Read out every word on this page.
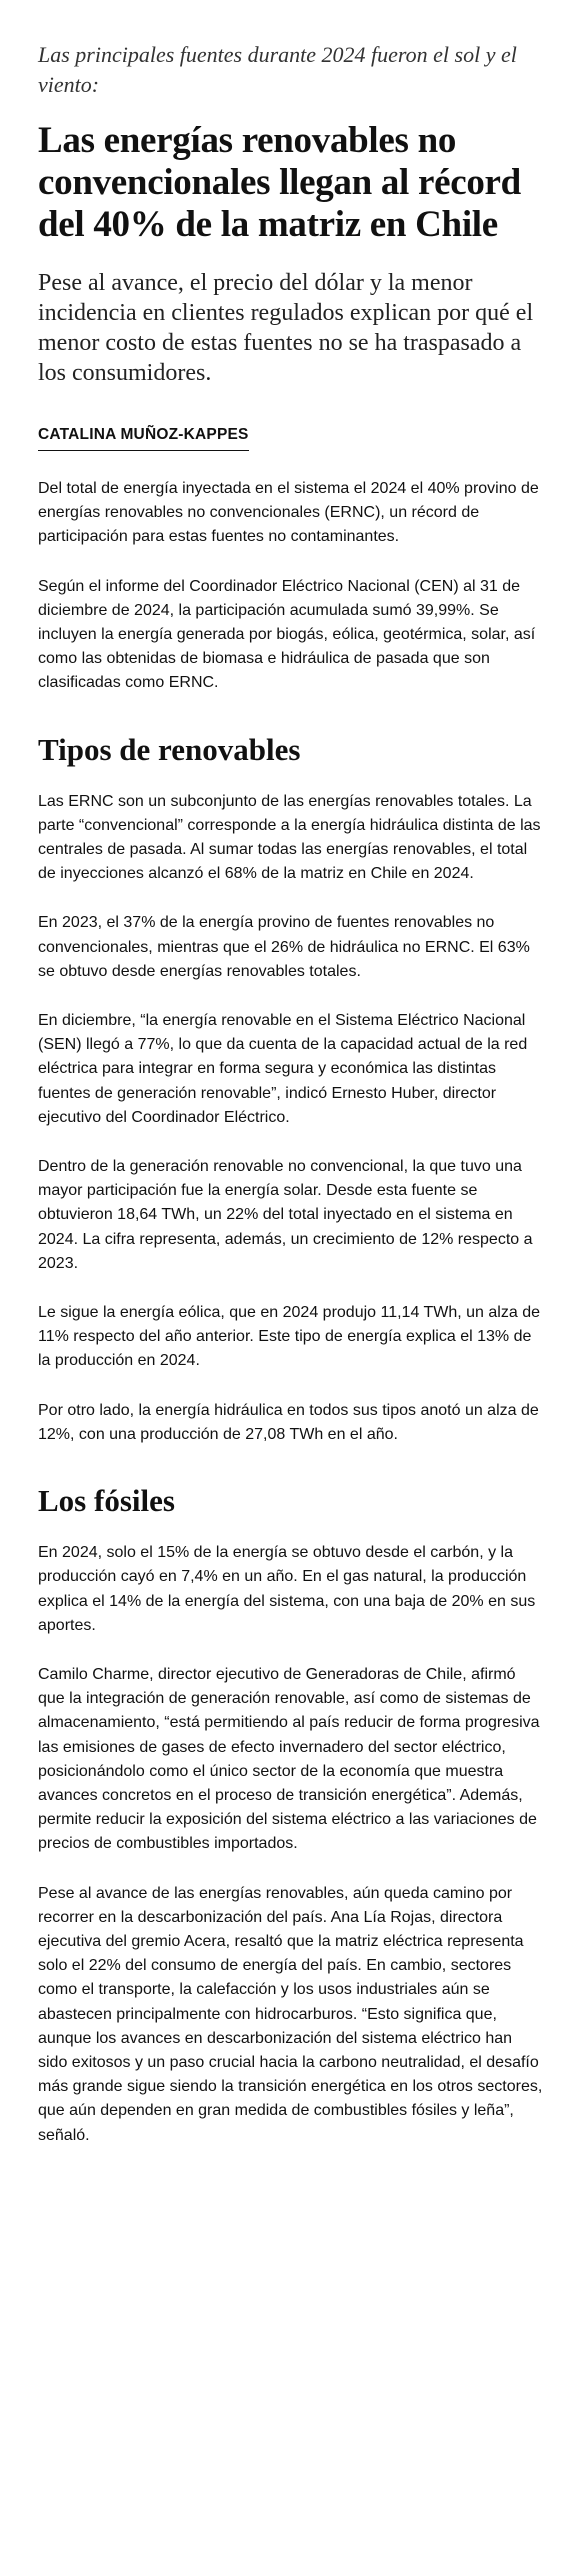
Las principales fuentes durante 2024 fueron el sol y el viento:

Las energías renovables no convencionales llegan al récord del 40% de la matriz en Chile

Pese al avance, el precio del dólar y la menor incidencia en clientes regulados explican por qué el menor costo de estas fuentes no se ha traspasado a los consumidores.

CATALINA MUÑOZ-KAPPES

Del total de energía inyectada en el sistema el 2024 el 40% provino de energías renovables no convencionales (ERNC), un récord de participación para estas fuentes no contaminantes.

Según el informe del Coordinador Eléctrico Nacional (CEN) al 31 de diciembre de 2024, la participación acumulada sumó 39,99%. Se incluyen la energía generada por biogás, eólica, geotérmica, solar, así como las obtenidas de biomasa e hidráulica de pasada que son clasificadas como ERNC.

Tipos de renovables

Las ERNC son un subconjunto de las energías renovables totales. La parte “convencional” corresponde a la energía hidráulica distinta de las centrales de pasada. Al sumar todas las energías renovables, el total de inyecciones alcanzó el 68% de la matriz en Chile en 2024.

En 2023, el 37% de la energía provino de fuentes renovables no convencionales, mientras que el 26% de hidráulica no ERNC. El 63% se obtuvo desde energías renovables totales.

En diciembre, “la energía renovable en el Sistema Eléctrico Nacional (SEN) llegó a 77%, lo que da cuenta de la capacidad actual de la red eléctrica para integrar en forma segura y económica las distintas fuentes de generación renovable”, indicó Ernesto Huber, director ejecutivo del Coordinador Eléctrico.

Dentro de la generación renovable no convencional, la que tuvo una mayor participación fue la energía solar. Desde esta fuente se obtuvieron 18,64 TWh, un 22% del total inyectado en el sistema en 2024. La cifra representa, además, un crecimiento de 12% respecto a 2023.

Le sigue la energía eólica, que en 2024 produjo 11,14 TWh, un alza de 11% respecto del año anterior. Este tipo de energía explica el 13% de la producción en 2024.

Por otro lado, la energía hidráulica en todos sus tipos anotó un alza de 12%, con una producción de 27,08 TWh en el año.

Los fósiles

En 2024, solo el 15% de la energía se obtuvo desde el carbón, y la producción cayó en 7,4% en un año. En el gas natural, la producción explica el 14% de la energía del sistema, con una baja de 20% en sus aportes.

Camilo Charme, director ejecutivo de Generadoras de Chile, afirmó que la integración de generación renovable, así como de sistemas de almacenamiento, “está permitiendo al país reducir de forma progresiva las emisiones de gases de efecto invernadero del sector eléctrico, posicionándolo como el único sector de la economía que muestra avances concretos en el proceso de transición energética”. Además, permite reducir la exposición del sistema eléctrico a las variaciones de precios de combustibles importados.

Pese al avance de las energías renovables, aún queda camino por recorrer en la descarbonización del país. Ana Lía Rojas, directora ejecutiva del gremio Acera, resaltó que la matriz eléctrica representa solo el 22% del consumo de energía del país. En cambio, sectores como el transporte, la calefacción y los usos industriales aún se abastecen principalmente con hidrocarburos. “Esto significa que, aunque los avances en descarbonización del sistema eléctrico han sido exitosos y un paso crucial hacia la carbono neutralidad, el desafío más grande sigue siendo la transición energética en los otros sectores, que aún dependen en gran medida de combustibles fósiles y leña”, señaló.
